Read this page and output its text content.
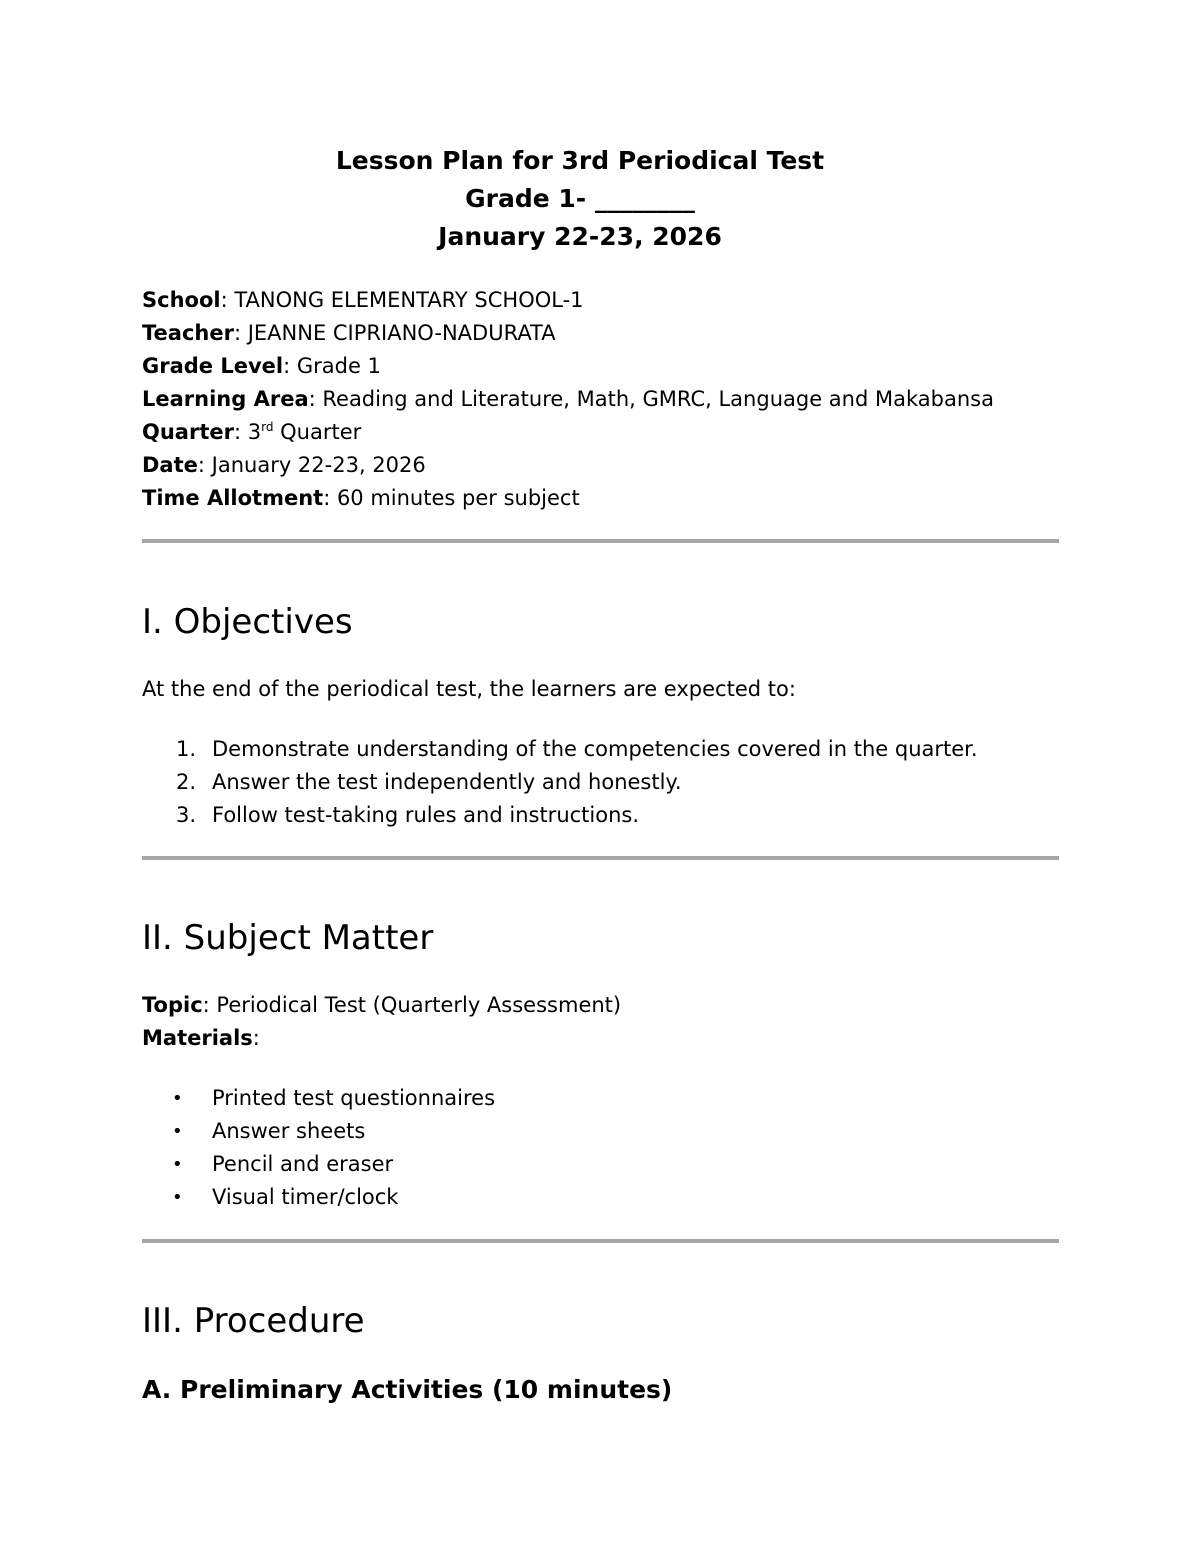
Lesson Plan for 3rd Periodical Test
Grade 1- ________
January 22-23, 2026
School: TANONG ELEMENTARY SCHOOL-1
Teacher: JEANNE CIPRIANO-NADURATA
Grade Level: Grade 1
Learning Area: Reading and Literature, Math, GMRC, Language and Makabansa
Quarter: 3rd Quarter
Date: January 22-23, 2026
Time Allotment: 60 minutes per subject
I. Objectives

At the end of the periodical test, the learners are expected to:

1. Demonstrate understanding of the competencies covered in the quarter.
2. Answer the test independently and honestly.
3. Follow test-taking rules and instructions.
II. Subject Matter
Topic: Periodical Test (Quarterly Assessment)
Materials:
• Printed test questionnaires
• Answer sheets
• Pencil and eraser
• Visual timer/clock
III. Procedure
A. Preliminary Activities (10 minutes)
